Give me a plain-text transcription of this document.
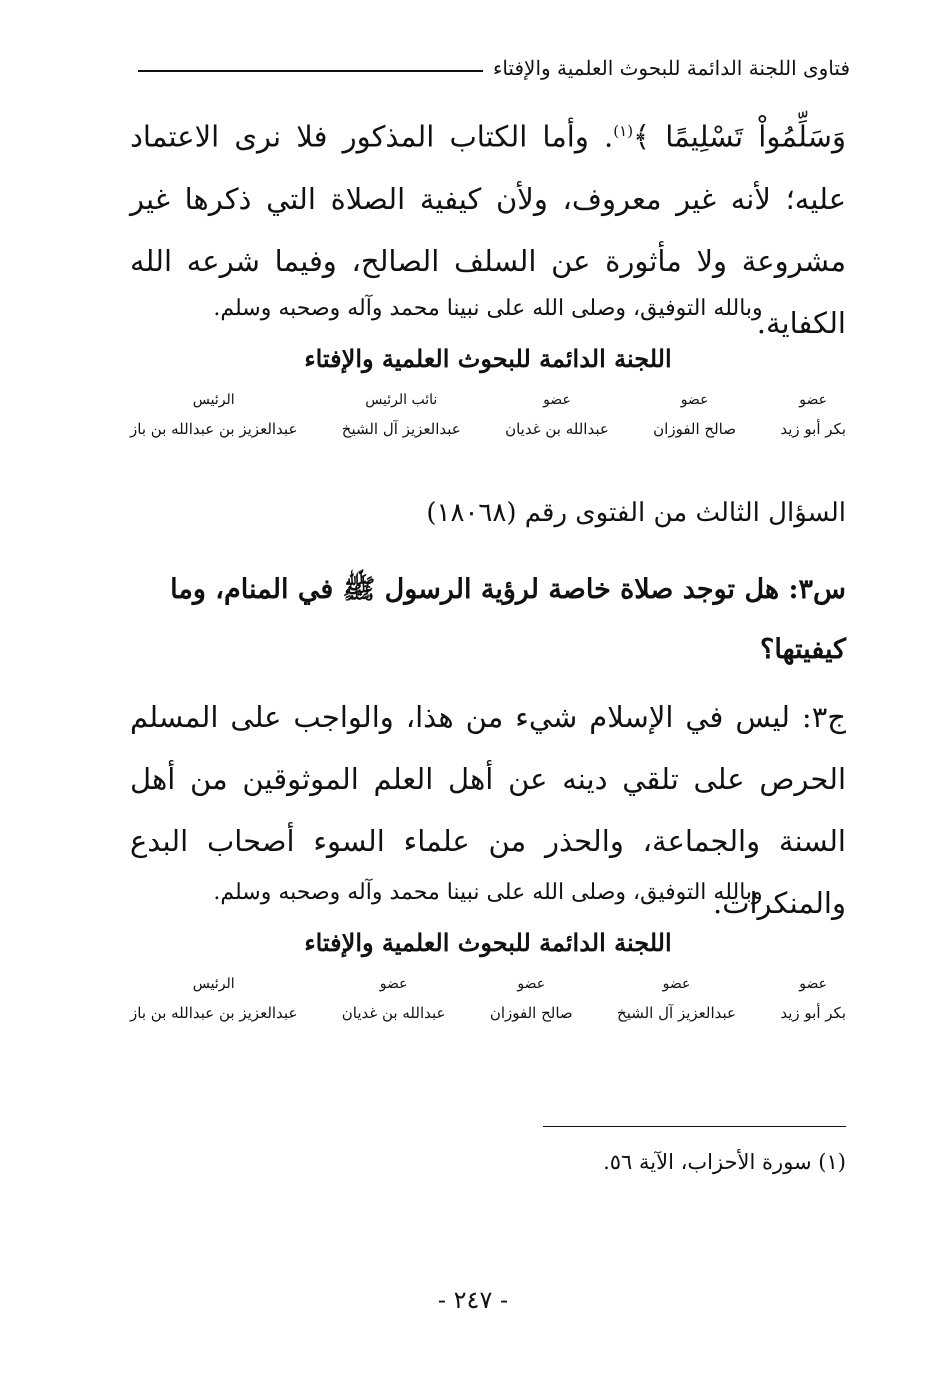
فتاوى اللجنة الدائمة للبحوث العلمية والإفتاء
وَسَلِّمُواْ تَسْلِيمًا ﴾$^{(١)}$. وأما الكتاب المذكور فلا نرى الاعتماد عليه؛ لأنه غير معروف، ولأن كيفية الصلاة التي ذكرها غير مشروعة ولا مأثورة عن السلف الصالح، وفيما شرعه الله الكفاية.
وبالله التوفيق، وصلى الله على نبينا محمد وآله وصحبه وسلم.
اللجنة الدائمة للبحوث العلمية والإفتاء
عضو
بكر أبو زيد
عضو
صالح الفوزان
عضو
عبدالله بن غديان
نائب الرئيس
عبدالعزيز آل الشيخ
الرئيس
عبدالعزيز بن عبدالله بن باز
السؤال الثالث من الفتوى رقم (١٨٠٦٨)
س٣: هل توجد صلاة خاصة لرؤية الرسول ﷺ في المنام، وما كيفيتها؟
ج٣: ليس في الإسلام شيء من هذا، والواجب على المسلم الحرص على تلقي دينه عن أهل العلم الموثوقين من أهل السنة والجماعة، والحذر من علماء السوء أصحاب البدع والمنكرات.
وبالله التوفيق، وصلى الله على نبينا محمد وآله وصحبه وسلم.
اللجنة الدائمة للبحوث العلمية والإفتاء
عضو
بكر أبو زيد
عضو
عبدالعزيز آل الشيخ
عضو
صالح الفوزان
عضو
عبدالله بن غديان
الرئيس
عبدالعزيز بن عبدالله بن باز
(١) سورة الأحزاب، الآية ٥٦.
- ٢٤٧ -
